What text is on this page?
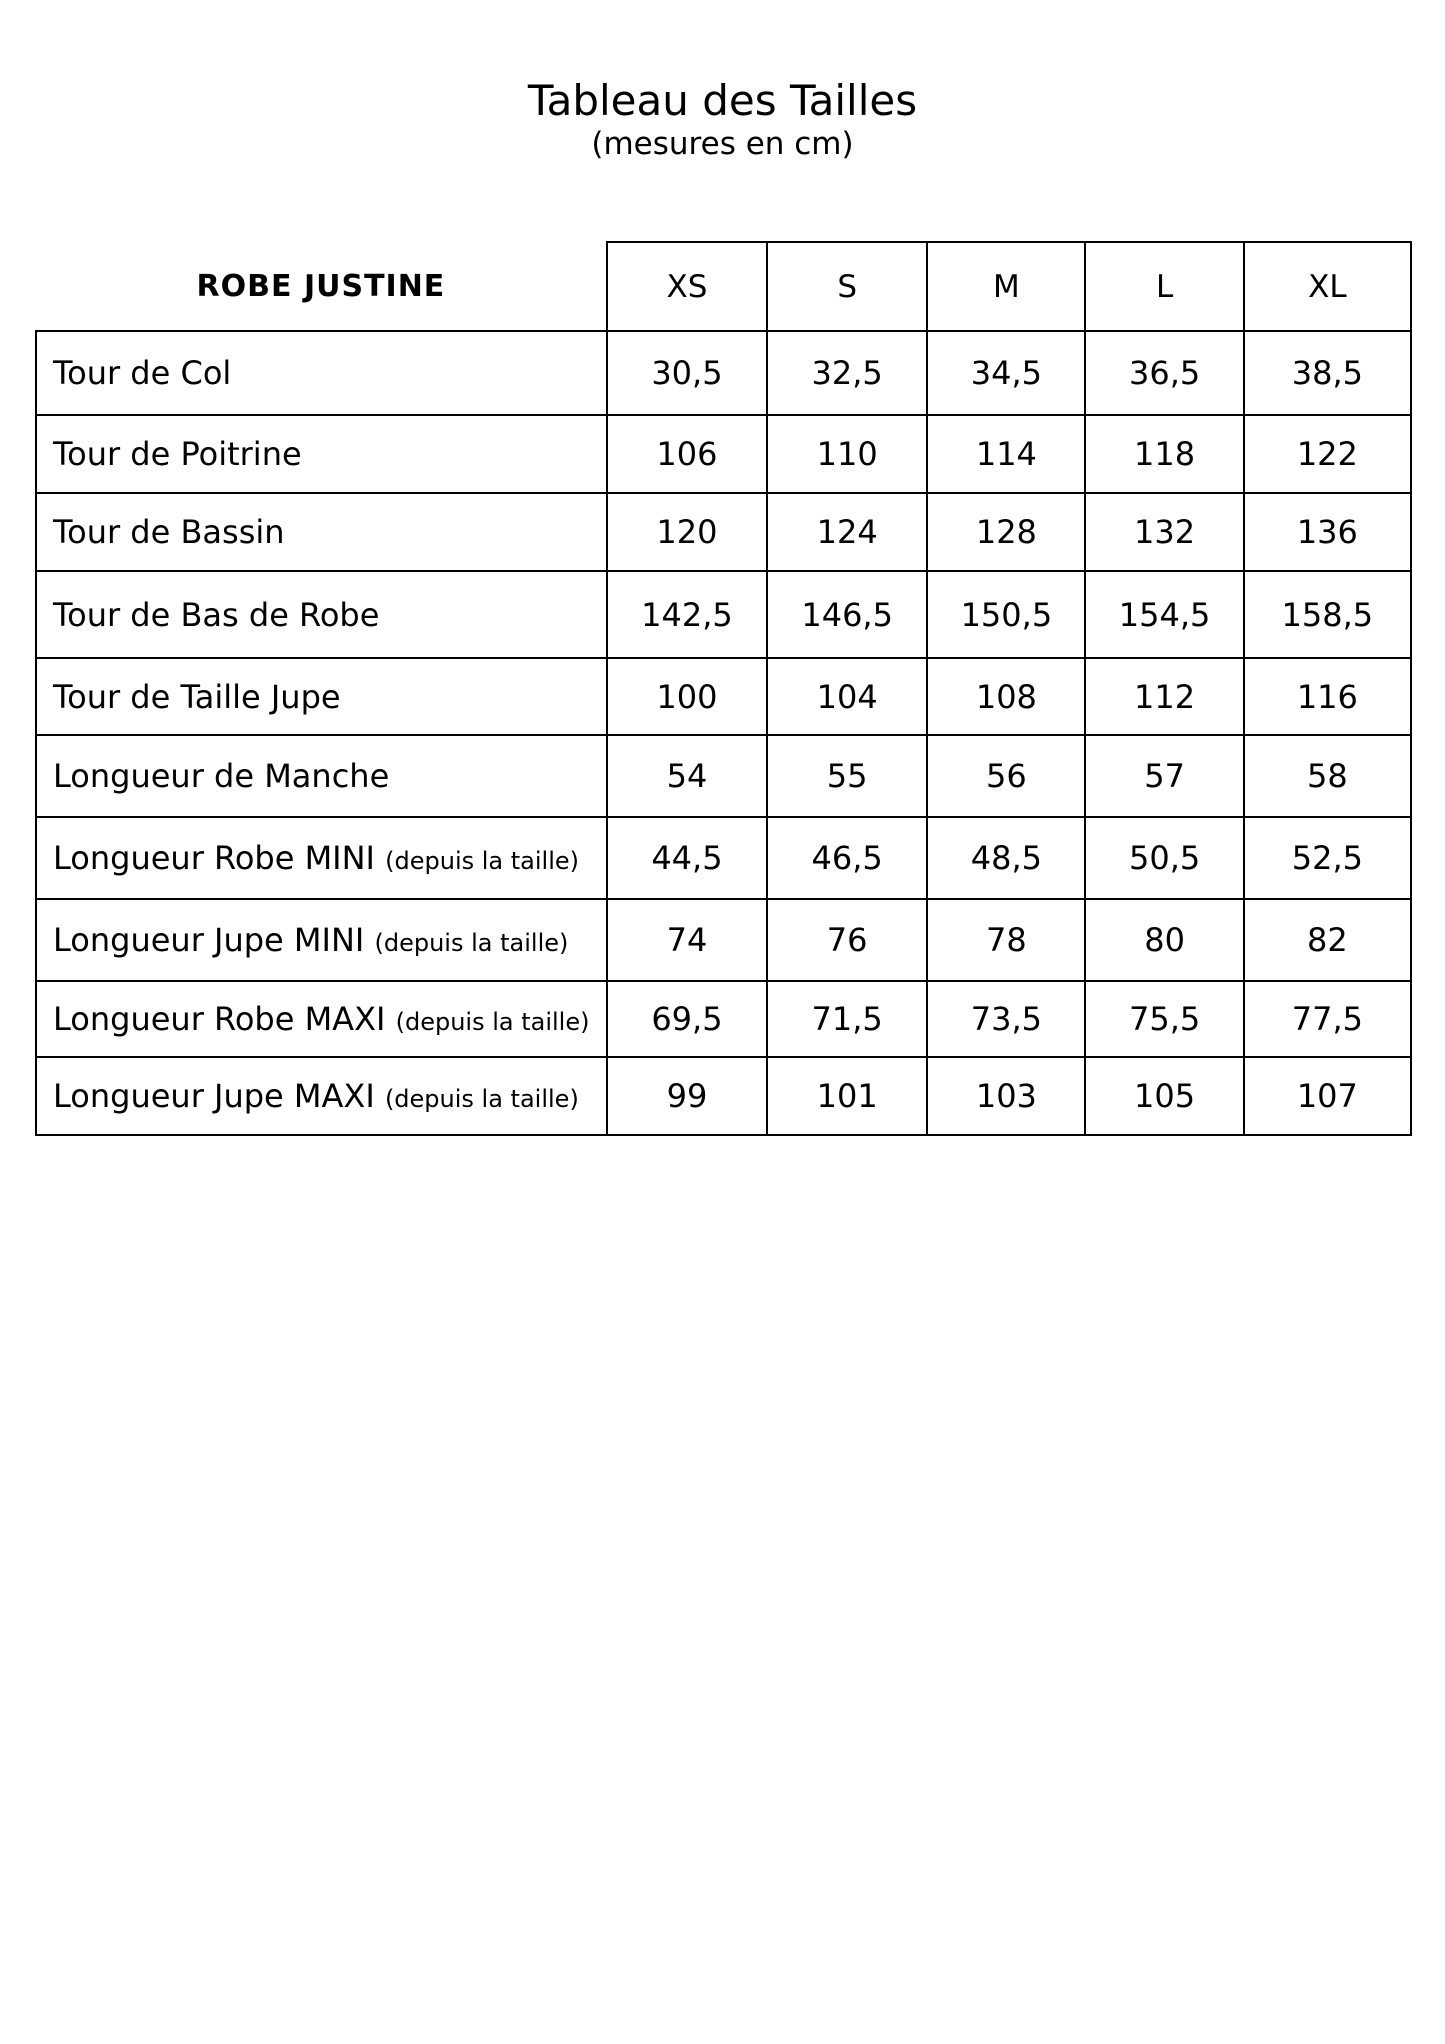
Tableau des Tailles
(mesures en cm)
ROBE JUSTINE	XS	S	M	L	XL
Tour de Col	30,5	32,5	34,5	36,5	38,5
Tour de Poitrine	106	110	114	118	122
Tour de Bassin	120	124	128	132	136
Tour de Bas de Robe	142,5	146,5	150,5	154,5	158,5
Tour de Taille Jupe	100	104	108	112	116
Longueur de Manche	54	55	56	57	58
Longueur Robe MINI (depuis la taille)	44,5	46,5	48,5	50,5	52,5
Longueur Jupe MINI (depuis la taille)	74	76	78	80	82
Longueur Robe MAXI (depuis la taille)	69,5	71,5	73,5	75,5	77,5
Longueur Jupe MAXI (depuis la taille)	99	101	103	105	107
